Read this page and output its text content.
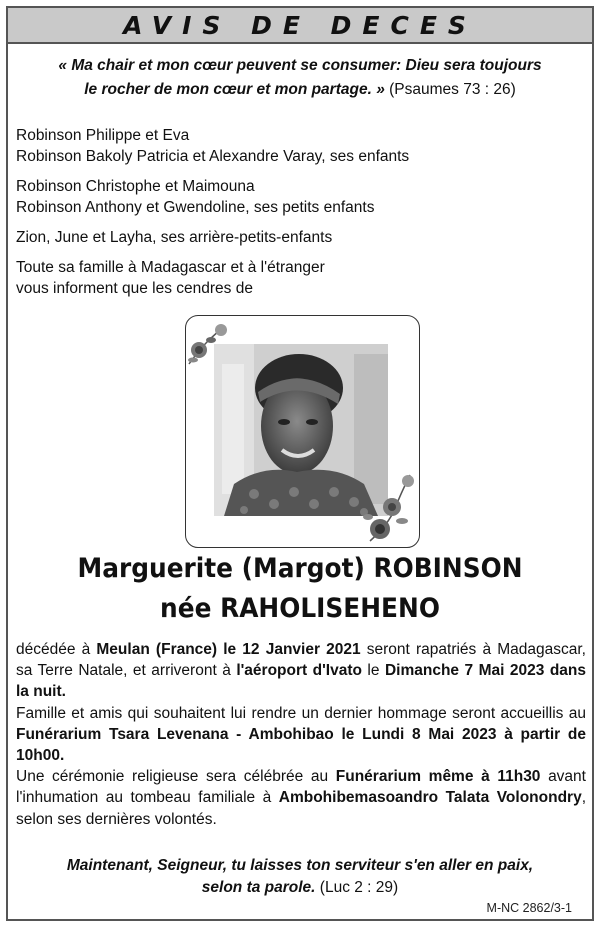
AVIS DE DECES
« Ma chair et mon cœur peuvent se consumer: Dieu sera toujours
le rocher de mon cœur et mon partage. » (Psaumes 73 : 26)
Robinson Philippe et Eva
Robinson Bakoly Patricia et Alexandre Varay, ses enfants
Robinson Christophe et Maimouna
Robinson Anthony et Gwendoline, ses petits enfants
Zion, June et Layha, ses arrière-petits-enfants
Toute sa famille à Madagascar et à l'étranger
vous informent que les cendres de
Marguerite (Margot) ROBINSON
née RAHOLISEHENO

décédée à Meulan (France) le 12 Janvier 2021 seront rapatriés à Madagascar, sa Terre Natale, et arriveront à l'aéroport d'Ivato le Dimanche 7 Mai 2023 dans la nuit.

Famille et amis qui souhaitent lui rendre un dernier hommage seront accueillis au Funérarium Tsara Levenana - Ambohibao le Lundi 8 Mai 2023 à partir de 10h00.

Une cérémonie religieuse sera célébrée au Funérarium même à 11h30 avant l'inhumation au tombeau familiale à Ambohibemasoandro Talata Volonondry, selon ses dernières volontés.

Maintenant, Seigneur, tu laisses ton serviteur s'en aller en paix,
selon ta parole. (Luc 2 : 29)
M-NC 2862/3-1
